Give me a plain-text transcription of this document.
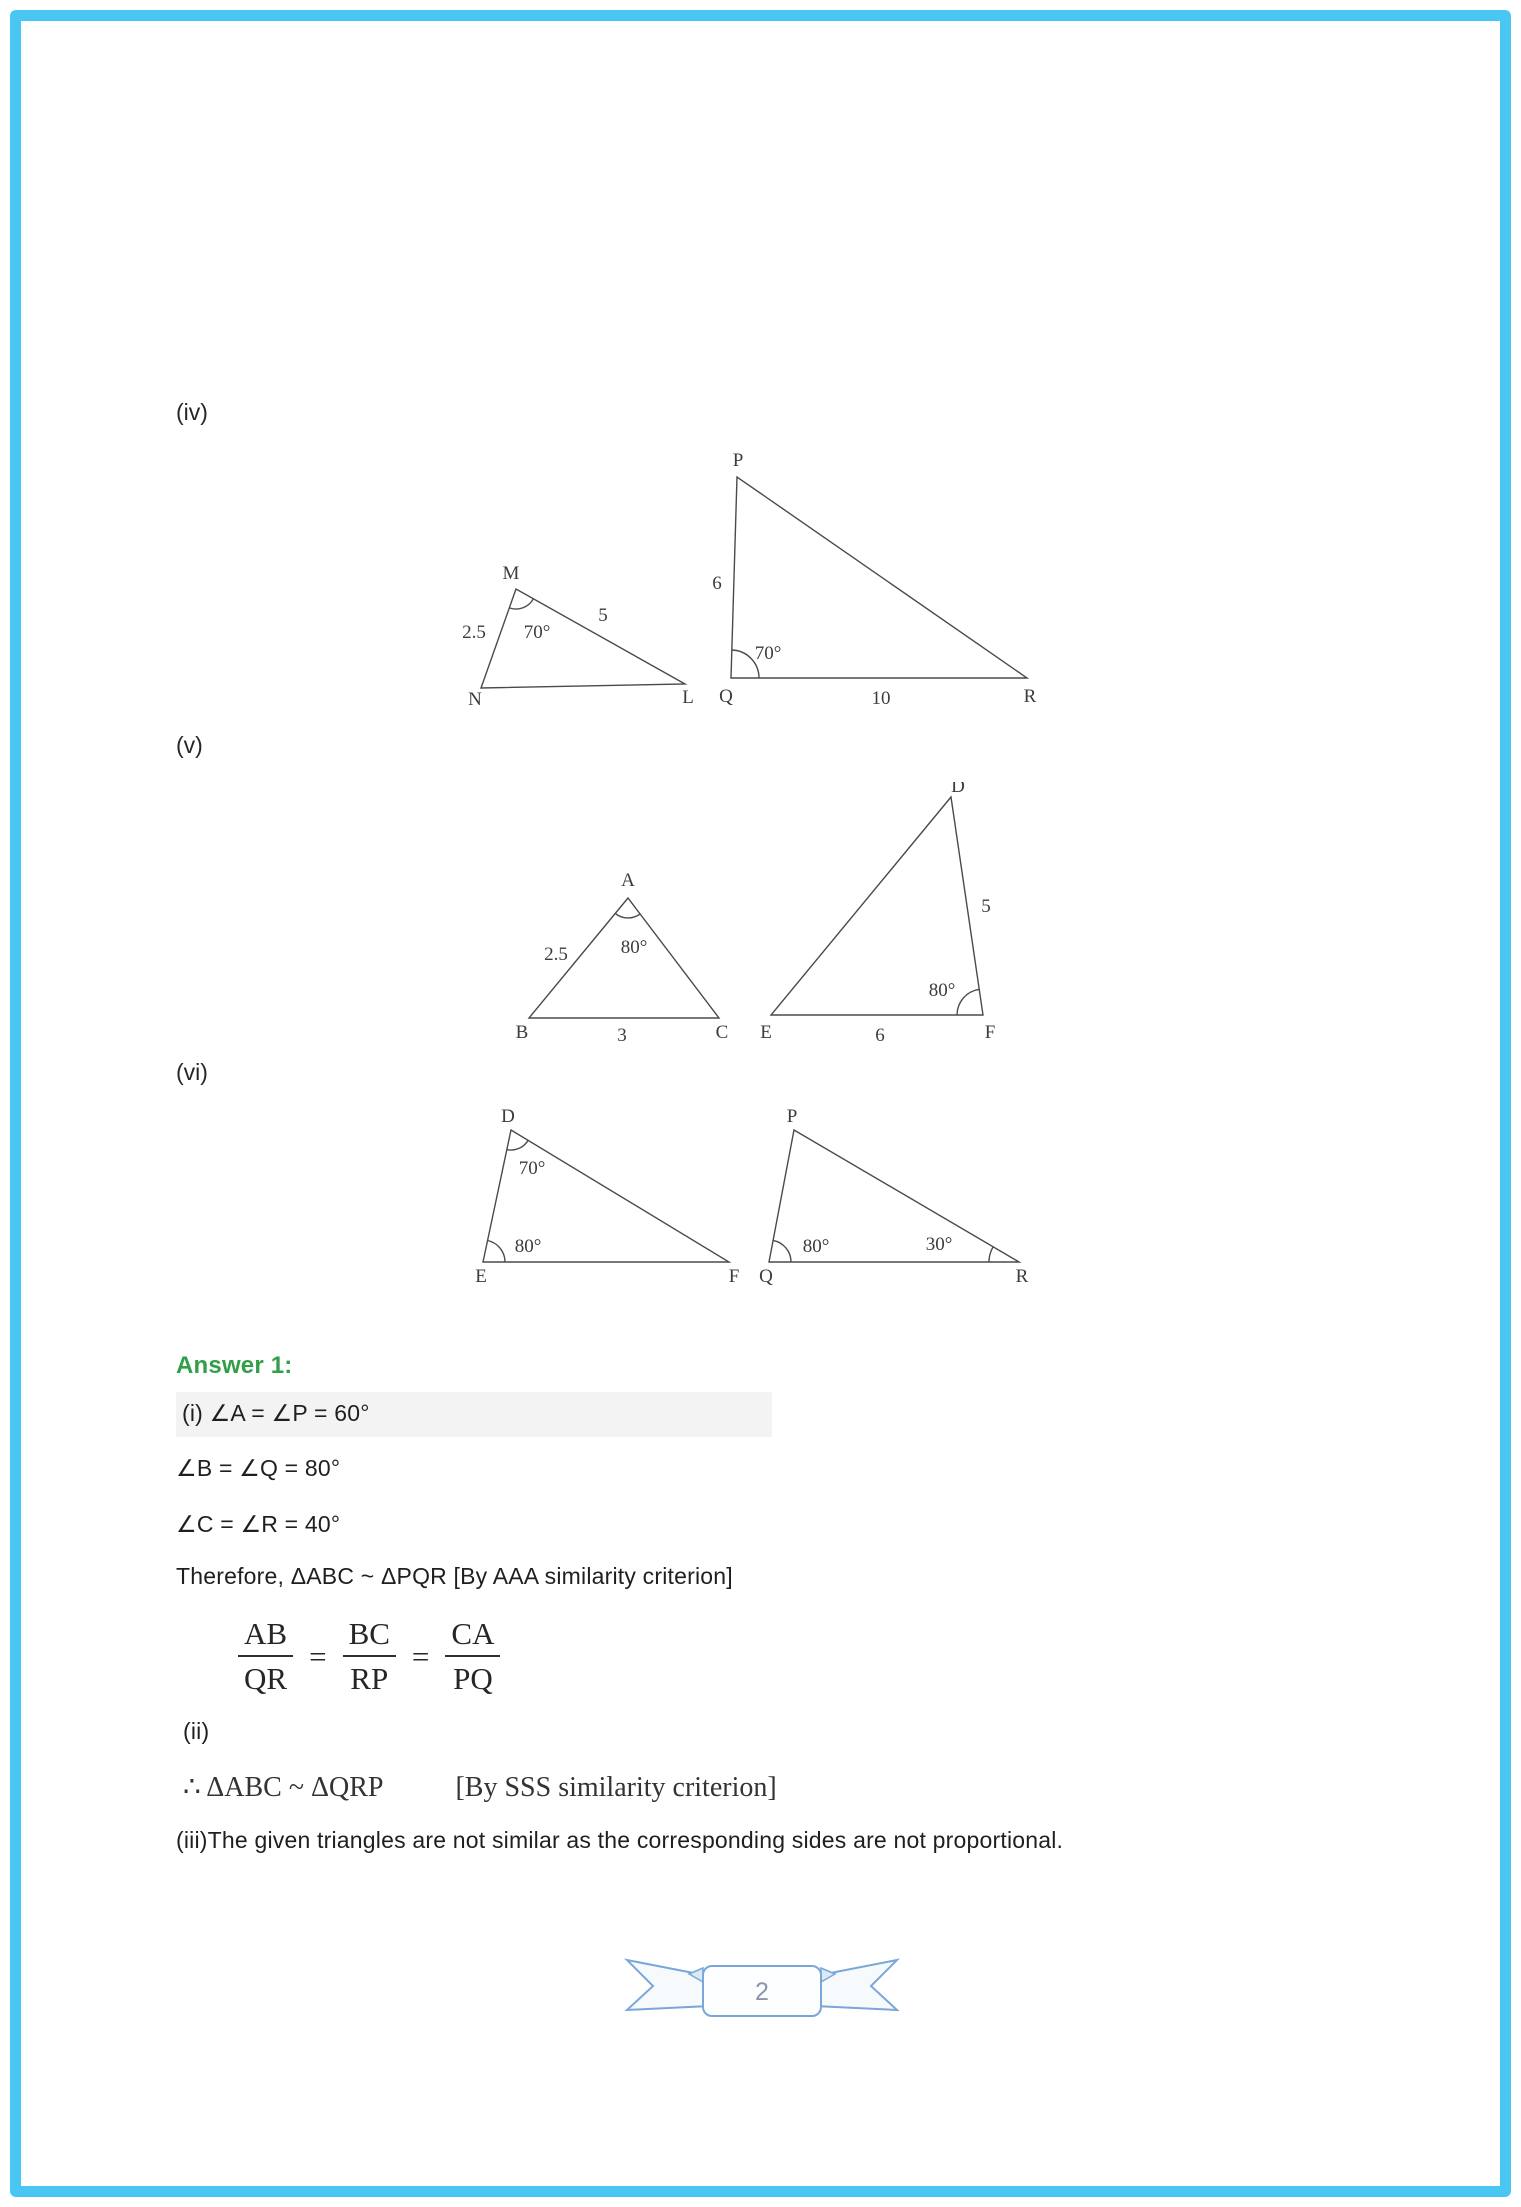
(iv)
M
2.5 70°
5
N	L
P
6
70°
Q	10	R
(v)
A
2.5	80°
B	3	C
D
5
80°
E	6	F
(vi)
D
70°
80°
E	F
P
80°	30°
Q	R
Answer 1:
(i) ∠A = ∠P = 60°
∠B = ∠Q = 80°
∠C = ∠R = 40°
Therefore, ΔABC ~ ΔPQR [By AAA similarity criterion]
$\frac{AB}{QR} = \frac{BC}{RP} = \frac{CA}{PQ}$
(ii)
∴ ΔABC ~ ΔQRP	[By SSS similarity criterion]
(iii)The given triangles are not similar as the corresponding sides are not proportional.
2
